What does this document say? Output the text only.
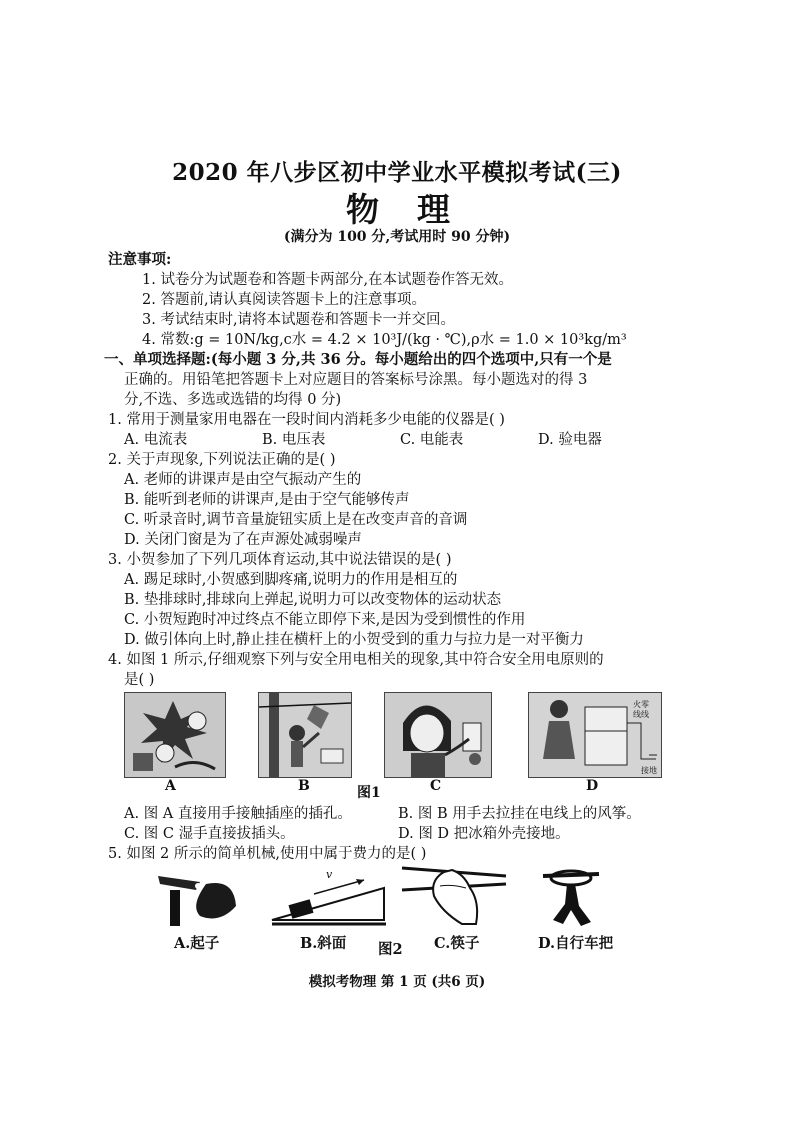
2020 年八步区初中学业水平模拟考试(三)
物理
(满分为 100 分,考试用时 90 分钟)
注意事项:
1. 试卷分为试题卷和答题卡两部分,在本试题卷作答无效。
2. 答题前,请认真阅读答题卡上的注意事项。
3. 考试结束时,请将本试题卷和答题卡一并交回。
4. 常数:g = 10N/kg,c水 = 4.2 × 10³J/(kg · ℃),ρ水 = 1.0 × 10³kg/m³
一、单项选择题:(每小题 3 分,共 36 分。每小题给出的四个选项中,只有一个是
正确的。用铅笔把答题卡上对应题目的答案标号涂黑。每小题选对的得 3
分,不选、多选或选错的均得 0 分)
1. 常用于测量家用电器在一段时间内消耗多少电能的仪器是( )
A. 电流表	B. 电压表	C. 电能表	D. 验电器
2. 关于声现象,下列说法正确的是( )
A. 老师的讲课声是由空气振动产生的
B. 能听到老师的讲课声,是由于空气能够传声
C. 听录音时,调节音量旋钮实质上是在改变声音的音调
D. 关闭门窗是为了在声源处减弱噪声
3. 小贺参加了下列几项体育运动,其中说法错误的是( )
A. 踢足球时,小贺感到脚疼痛,说明力的作用是相互的
B. 垫排球时,排球向上弹起,说明力可以改变物体的运动状态
C. 小贺短跑时冲过终点不能立即停下来,是因为受到惯性的作用
D. 做引体向上时,静止挂在横杆上的小贺受到的重力与拉力是一对平衡力
4. 如图 1 所示,仔细观察下列与安全用电相关的现象,其中符合安全用电原则的
是( )
火零
线线
接地
A	B	图1	C	D
A. 图 A 直接用手接触插座的插孔。	B. 图 B 用手去拉挂在电线上的风筝。
C. 图 C 湿手直接拔插头。	D. 图 D 把冰箱外壳接地。
5. 如图 2 所示的简单机械,使用中属于费力的是( )
v
A.起子	B.斜面 图2 C.筷子	D.自行车把
模拟考物理 第 1 页 (共6 页)
